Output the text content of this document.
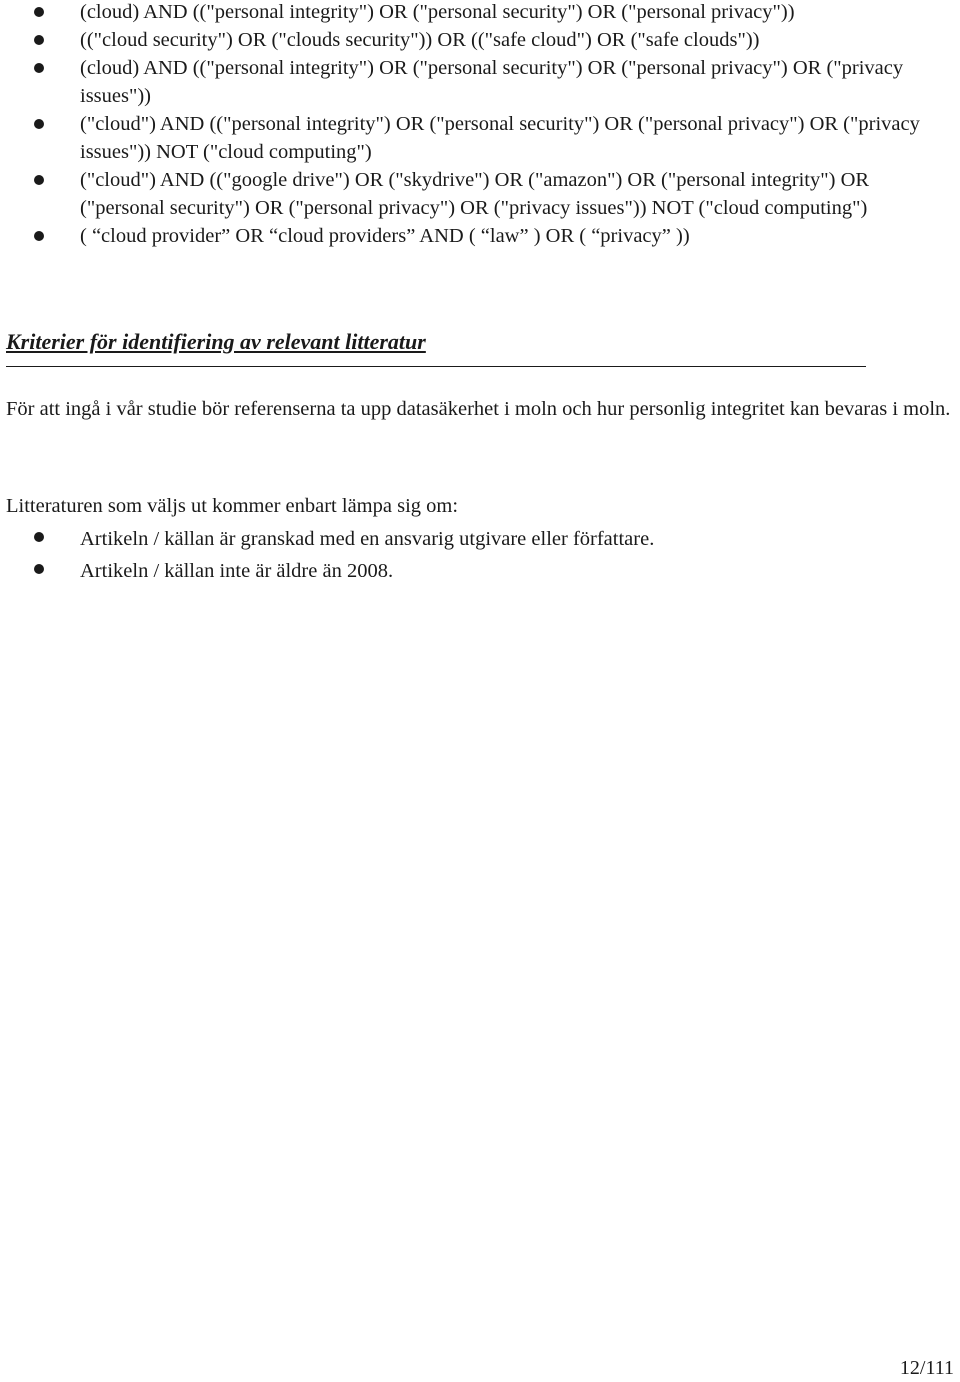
(cloud) AND (("personal integrity") OR ("personal security") OR ("personal privacy"))
(("cloud security") OR ("clouds security")) OR (("safe cloud") OR ("safe clouds"))
(cloud) AND (("personal integrity") OR ("personal security") OR ("personal privacy") OR ("privacy issues"))
("cloud") AND (("personal integrity") OR ("personal security") OR ("personal privacy") OR ("privacy issues")) NOT ("cloud computing")
("cloud") AND (("google drive") OR ("skydrive") OR ("amazon") OR ("personal integrity") OR ("personal security") OR ("personal privacy") OR ("privacy issues")) NOT ("cloud computing")
( “cloud provider” OR “cloud providers” AND ( “law” ) OR ( “privacy” ))
Kriterier för identifiering av relevant litteratur

För att ingå i vår studie bör referenserna ta upp datasäkerhet i moln och hur personlig integritet kan bevaras i moln.

Litteraturen som väljs ut kommer enbart lämpa sig om:

Artikeln / källan är granskad med en ansvarig utgivare eller författare.
Artikeln / källan inte är äldre än 2008.
12/111
